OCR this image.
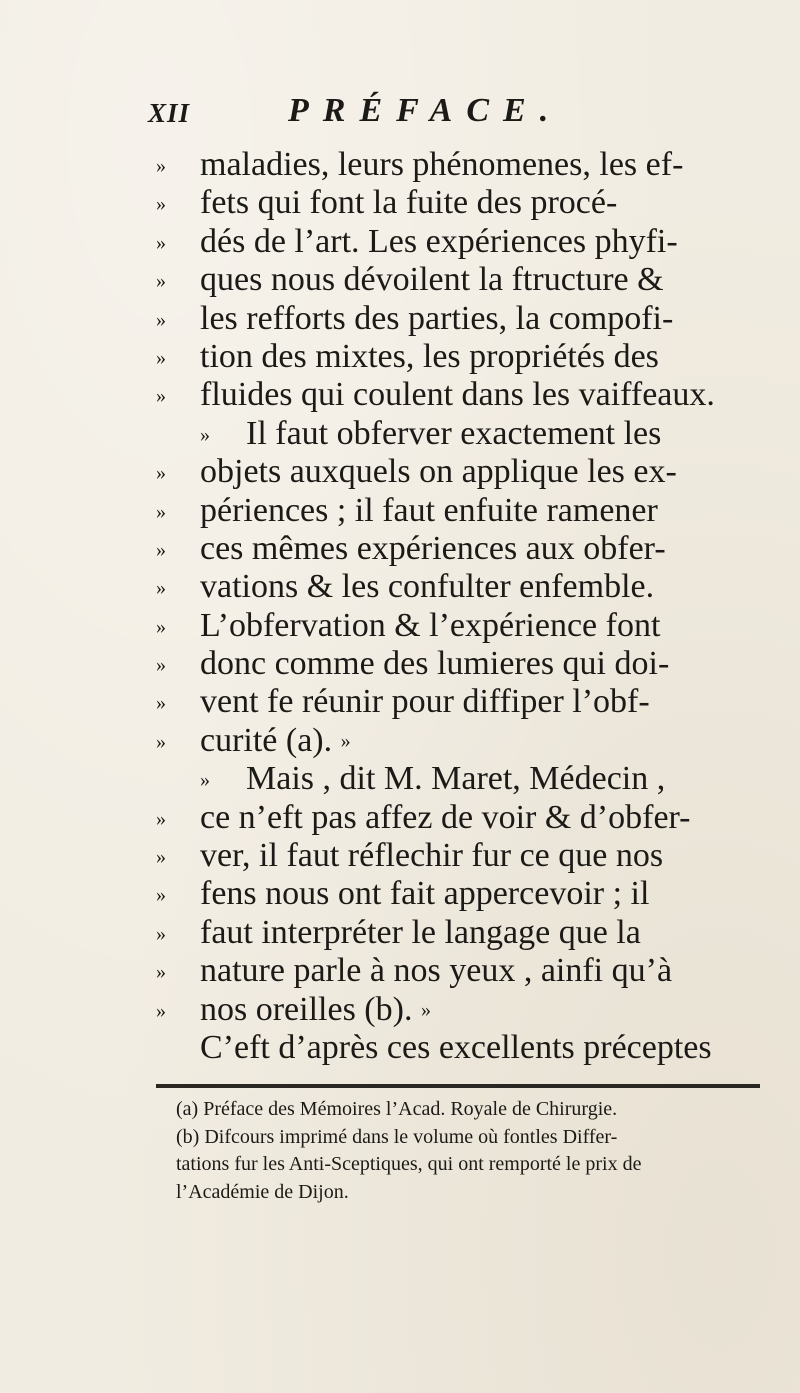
XII	PRÉFACE.
» maladies, leurs phénomenes, les ef-
» fets qui font la fuite des procé-
» dés de l’art. Les expériences phyfi-
» ques nous dévoilent la ftructure &
» les refforts des parties, la compofi-
» tion des mixtes, les propriétés des
» fluides qui coulent dans les vaiffeaux.
» Il faut obferver exactement les
» objets auxquels on applique les ex-
» périences ; il faut enfuite ramener
» ces mêmes expériences aux obfer-
» vations & les confulter enfemble.
» L’obfervation & l’expérience font
» donc comme des lumieres qui doi-
» vent fe réunir pour diffiper l’obf-
» curité (a). »
» Mais , dit M. Maret, Médecin ,
» ce n’eft pas affez de voir & d’obfer-
» ver, il faut réflechir fur ce que nos
» fens nous ont fait appercevoir ; il
» faut interpréter le langage que la
» nature parle à nos yeux , ainfi qu’à
» nos oreilles (b). »
C’eft d’après ces excellents préceptes
(a) Préface des Mémoires l’Acad. Royale de Chirurgie.
(b) Difcours imprimé dans le volume où fontles Differ-
tations fur les Anti-Sceptiques, qui ont remporté le prix de
l’Académie de Dijon.
